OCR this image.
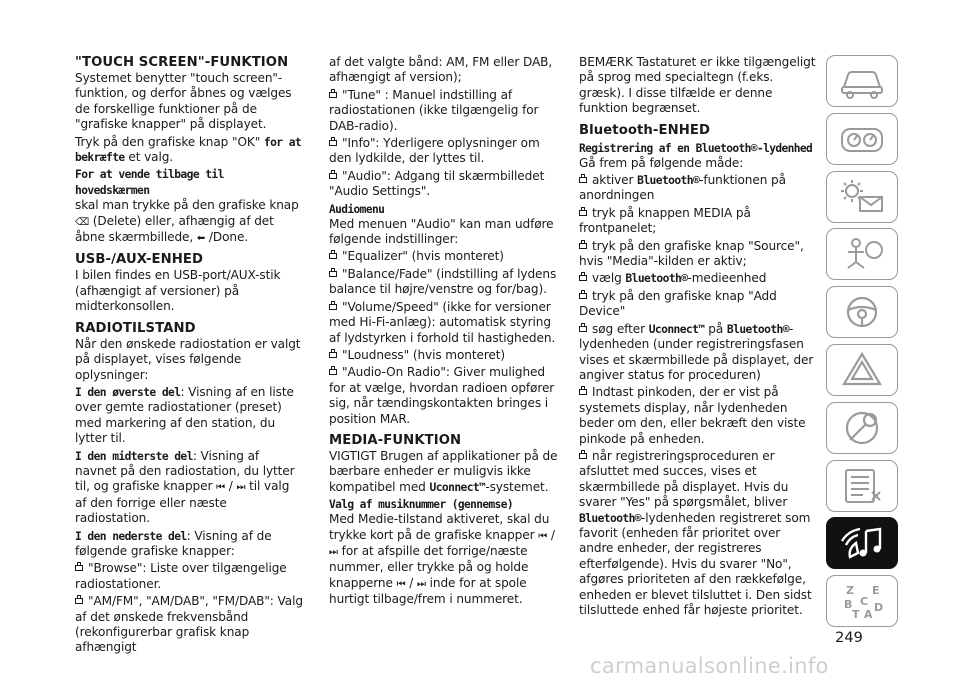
"TOUCH SCREEN"-FUNKTION

Systemet benytter "touch screen"-funktion, og derfor åbnes og vælges de forskellige funktioner på de "grafiske knapper" på displayet.

Tryk på den grafiske knap "OK" for at bekræfte et valg.

For at vende tilbage til hovedskærmen
skal man trykke på den grafiske knap
⌫ (Delete) eller, afhængig af det åbne skærmbillede, ⬅ /Done.

USB-/AUX-ENHED

I bilen findes en USB-port/AUX-stik (afhængigt af versioner) på midterkonsollen.

RADIOTILSTAND

Når den ønskede radiostation er valgt på displayet, vises følgende oplysninger:

I den øverste del: Visning af en liste over gemte radiostationer (preset) med markering af den station, du lytter til.

I den midterste del: Visning af navnet på den radiostation, du lytter til, og grafiske knapper ⏮ / ⏭ til valg af den forrige eller næste radiostation.

I den nederste del: Visning af de følgende grafiske knapper:

"Browse": Liste over tilgængelige radiostationer.

"AM/FM", "AM/DAB", "FM/DAB": Valg af det ønskede frekvensbånd (rekonfigurerbar grafisk knap afhængigt

af det valgte bånd: AM, FM eller DAB, afhængigt af version);

"Tune" : Manuel indstilling af radiostationen (ikke tilgængelig for DAB-radio).

"Info": Yderligere oplysninger om den lydkilde, der lyttes til.

"Audio": Adgang til skærmbilledet "Audio Settings".

Audiomenu

Med menuen "Audio" kan man udføre følgende indstillinger:

"Equalizer" (hvis monteret)

"Balance/Fade" (indstilling af lydens balance til højre/venstre og for/bag).

"Volume/Speed" (ikke for versioner med Hi-Fi-anlæg): automatisk styring af lydstyrken i forhold til hastigheden.

"Loudness" (hvis monteret)

"Audio-On Radio": Giver mulighed for at vælge, hvordan radioen opfører sig, når tændingskontakten bringes i position MAR.

MEDIA-FUNKTION

VIGTIGT Brugen af applikationer på de bærbare enheder er muligvis ikke kompatibel med Uconnect™-systemet.

Valg af musiknummer (gennemse)

Med Medie-tilstand aktiveret, skal du trykke kort på de grafiske knapper ⏮ / ⏭ for at afspille det forrige/næste nummer, eller trykke på og holde knapperne ⏮ / ⏭ inde for at spole hurtigt tilbage/frem i nummeret.

BEMÆRK Tastaturet er ikke tilgængeligt på sprog med specialtegn (f.eks. græsk). I disse tilfælde er denne funktion begrænset.

Bluetooth-ENHED
Registrering af en Bluetooth®-lydenhed

Gå frem på følgende måde:

aktiver Bluetooth®-funktionen på anordningen

tryk på knappen MEDIA på frontpanelet;

tryk på den grafiske knap "Source", hvis "Media"-kilden er aktiv;

vælg Bluetooth®-medieenhed

tryk på den grafiske knap "Add Device"

søg efter Uconnect™ på Bluetooth®-lydenheden (under registreringsfasen vises et skærmbillede på displayet, der angiver status for proceduren)

Indtast pinkoden, der er vist på systemets display, når lydenheden beder om den, eller bekræft den viste pinkode på enheden.

når registreringsproceduren er afsluttet med succes, vises et skærmbillede på displayet. Hvis du svarer "Yes" på spørgsmålet, bliver Bluetooth®-lydenheden registreret som favorit (enheden får prioritet over andre enheder, der registreres efterfølgende). Hvis du svarer "No", afgøres prioriteten af den rækkefølge, enheden er blevet tilsluttet i. Den sidst tilsluttede enhed får højeste prioritet.

Z E
B C
T
D
A
249
carmanualsonline.info
